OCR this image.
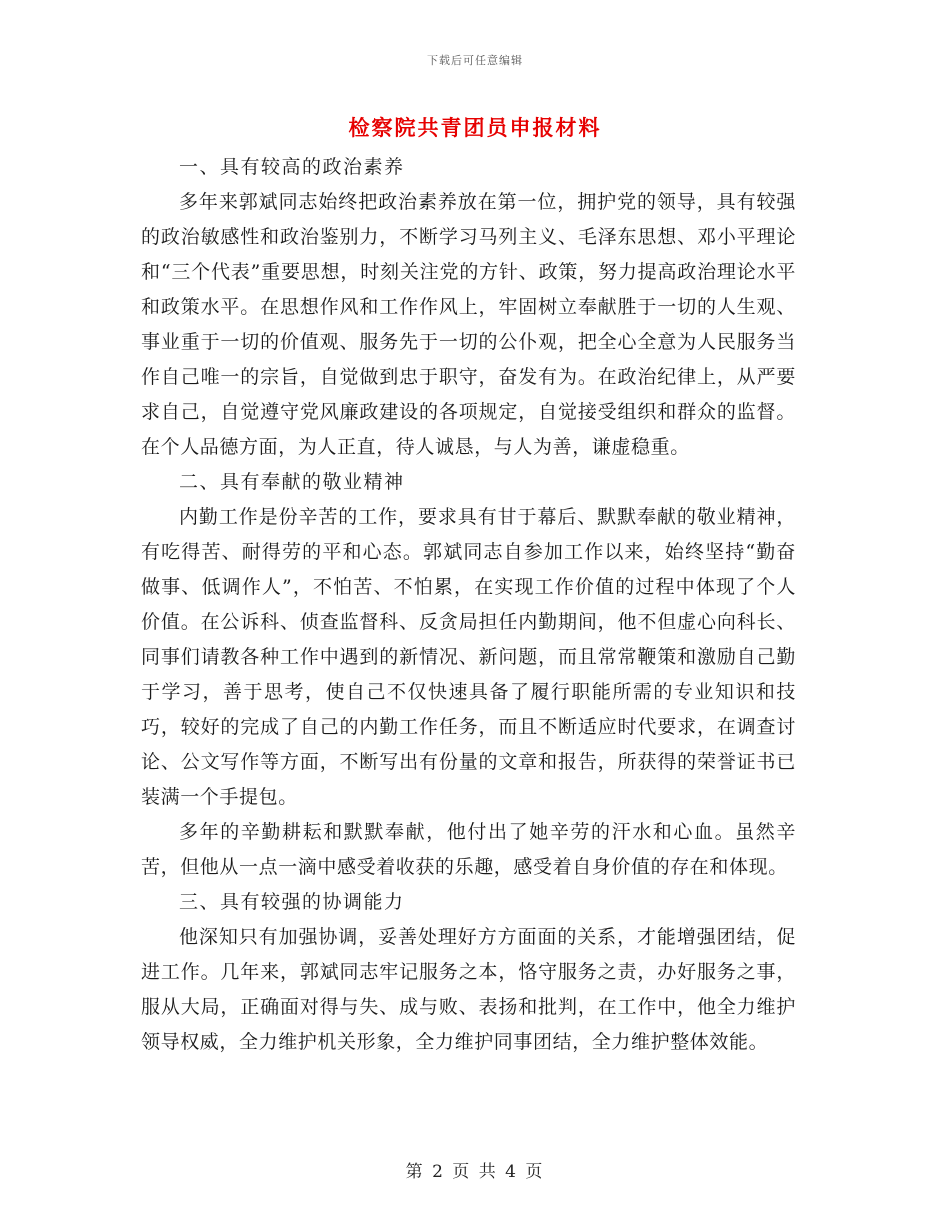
下载后可任意编辑
检察院共青团员申报材料

一、具有较高的政治素养

多年来郭斌同志始终把政治素养放在第一位，拥护党的领导，具有较强的政治敏感性和政治鉴别力，不断学习马列主义、毛泽东思想、邓小平理论和“三个代表”重要思想，时刻关注党的方针、政策，努力提高政治理论水平和政策水平。在思想作风和工作作风上，牢固树立奉献胜于一切的人生观、事业重于一切的价值观、服务先于一切的公仆观，把全心全意为人民服务当作自己唯一的宗旨，自觉做到忠于职守，奋发有为。在政治纪律上，从严要求自己，自觉遵守党风廉政建设的各项规定，自觉接受组织和群众的监督。在个人品德方面，为人正直，待人诚恳，与人为善，谦虚稳重。

二、具有奉献的敬业精神

内勤工作是份辛苦的工作，要求具有甘于幕后、默默奉献的敬业精神，有吃得苦、耐得劳的平和心态。郭斌同志自参加工作以来，始终坚持“勤奋做事、低调作人”，不怕苦、不怕累，在实现工作价值的过程中体现了个人价值。在公诉科、侦查监督科、反贪局担任内勤期间，他不但虚心向科长、同事们请教各种工作中遇到的新情况、新问题，而且常常鞭策和激励自己勤于学习，善于思考，使自己不仅快速具备了履行职能所需的专业知识和技巧，较好的完成了自己的内勤工作任务，而且不断适应时代要求，在调查讨论、公文写作等方面，不断写出有份量的文章和报告，所获得的荣誉证书已装满一个手提包。

多年的辛勤耕耘和默默奉献，他付出了她辛劳的汗水和心血。虽然辛苦，但他从一点一滴中感受着收获的乐趣，感受着自身价值的存在和体现。

三、具有较强的协调能力

他深知只有加强协调，妥善处理好方方面面的关系，才能增强团结，促进工作。几年来，郭斌同志牢记服务之本，恪守服务之责，办好服务之事，服从大局，正确面对得与失、成与败、表扬和批判，在工作中，他全力维护领导权威，全力维护机关形象，全力维护同事团结，全力维护整体效能。

第 2 页 共 4 页
